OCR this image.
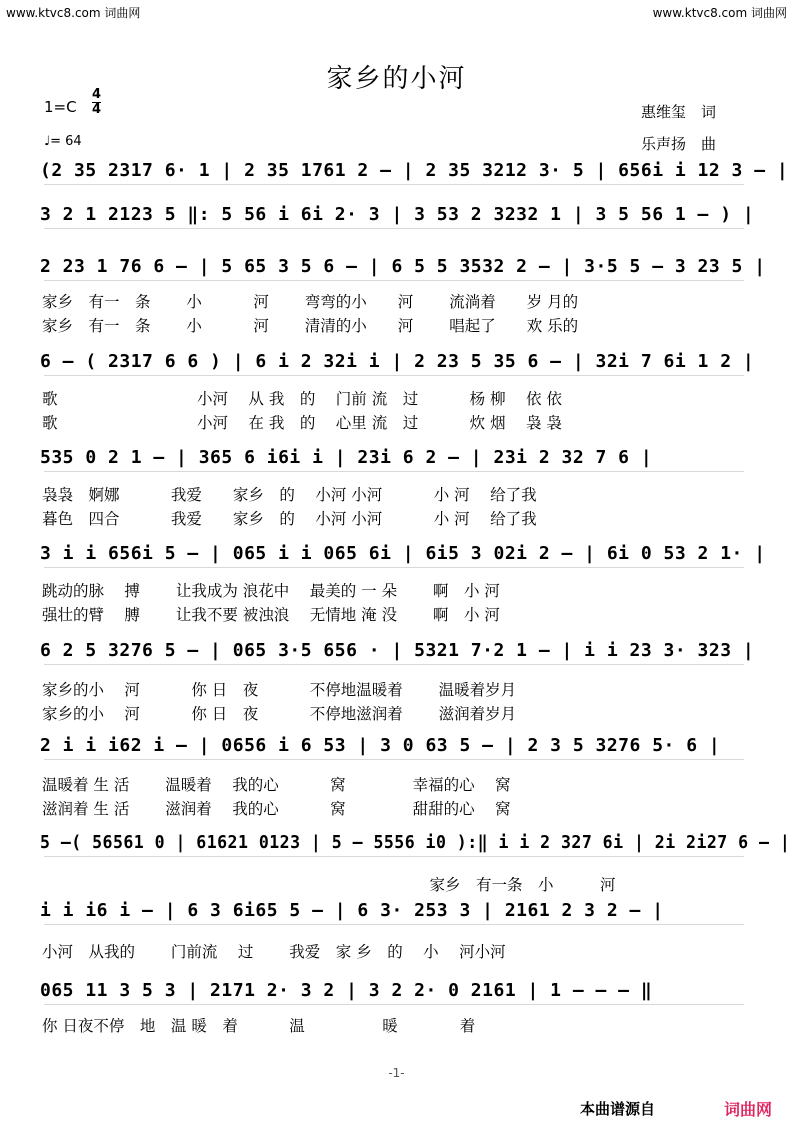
www.ktvc8.com 词曲网	www.ktvc8.com 词曲网
家乡的小河
1=C
4
4
♩= 64
惠维玺　词
乐声扬　曲
(2 35 2317 6· 1 | 2 35 1761 2 – | 2 35 3212 3· 5 | 656i i 12 3 – |
3 2 1 2123 5 ‖: 5 56 i 6i 2· 3 | 3 53 2 3232 1 | 3 5 56 1 – ) |
2 23 1 76 6 – | 5 65 3 5 6 – | 6 5 5 3532 2 – | 3·5 5 – 3 23 5 |
家乡　有一　条　　 小　　　 河　　 弯弯的小　　河　　 流淌着　　岁 月的
家乡　有一　条　　 小　　　 河　　 清清的小　　河　　 唱起了　　欢 乐的
6 – ( 2317 6 6 ) | 6 i 2 32i i | 2 23 5 35 6 – | 32i 7 6i 1 2 |
歌　　　　　　　　　小河　 从 我　的　 门前 流　过　　　 杨 柳　 依 依
歌　　　　　　　　　小河　 在 我　的　 心里 流　过　　　 炊 烟　 袅 袅
535 0 2 1 – | 365 6 i6i i | 23i 6 2 – | 23i 2 32 7 6 |
袅袅　婀娜　　　 我爱　　家乡　的　 小河 小河　　　 小 河　 给了我
暮色　四合　　　 我爱　　家乡　的　 小河 小河　　　 小 河　 给了我
3 i i 656i 5 – | 065 i i 065 6i | 6i5 3 02i 2 – | 6i 0 53 2 1· |
跳动的脉　 搏　　 让我成为 浪花中　 最美的 一 朵　　 啊　小 河
强壮的臂　 膊　　 让我不要 被浊浪　 无情地 淹 没　　 啊　小 河
6 2 5 3276 5 – | 065 3·5 656 · | 5321 7·2 1 – | i i 23 3· 323 |
家乡的小　 河　　　 你 日　夜　　　 不停地温暖着　　 温暖着岁月
家乡的小　 河　　　 你 日　夜　　　 不停地滋润着　　 滋润着岁月
2 i i i62 i – | 0656 i 6 53 | 3 0 63 5 – | 2 3 5 3276 5· 6 |
温暖着 生 活　　 温暖着　 我的心　　　 窝　　　　 幸福的心　 窝
滋润着 生 活　　 滋润着　 我的心　　　 窝　　　　 甜甜的心　 窝
5 –( 56561 0 | 61621 0123 | 5 – 5556 i0 ):‖ i i 2 327 6i | 2i 2i27 6 – |
　　　　　　　　　　　　　　　　　　　　　　　　　家乡　有一条　小　　　河
i i i6 i – | 6 3 6i65 5 – | 6 3· 253 3 | 2161 2 3 2 – |
小河　从我的　　 门前流　 过　　 我爱　家 乡　的　 小　 河小河
065 11 3 5 3 | 2171 2· 3 2 | 3 2 2· 0 2161 | 1 – – – ‖
你 日夜不停　地　温 暖　着　　　 温　　　　　暖　　　　着
-1-
本曲谱源自	词曲网
